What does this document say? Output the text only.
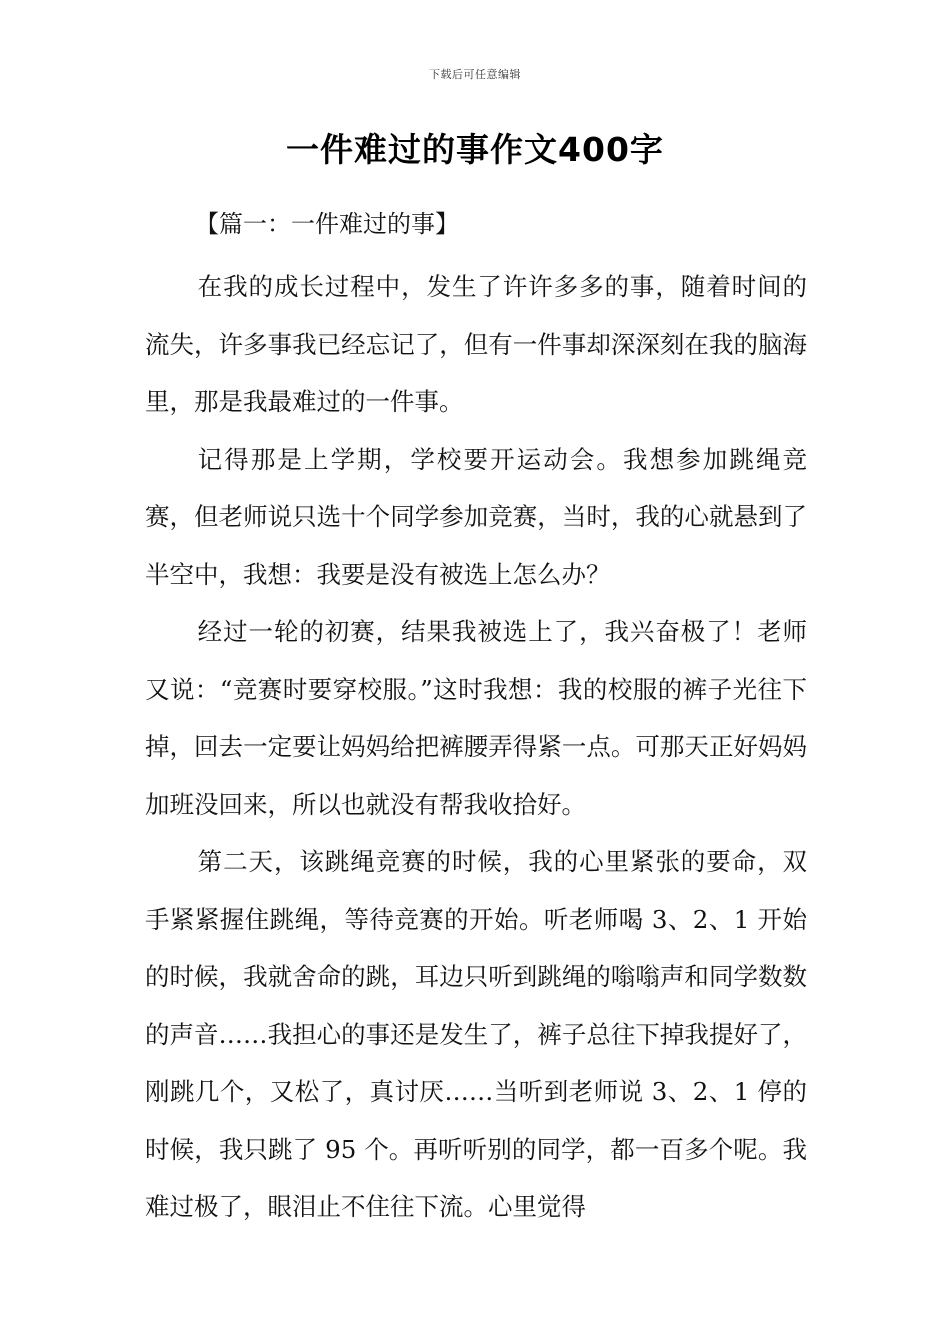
下载后可任意编辑
一件难过的事作文400字
【篇一：一件难过的事】

在我的成长过程中，发生了许许多多的事，随着时间的流失，许多事我已经忘记了，但有一件事却深深刻在我的脑海里，那是我最难过的一件事。

记得那是上学期，学校要开运动会。我想参加跳绳竞赛，但老师说只选十个同学参加竞赛，当时，我的心就悬到了半空中，我想：我要是没有被选上怎么办？

经过一轮的初赛，结果我被选上了，我兴奋极了！老师又说：“竞赛时要穿校服。”这时我想：我的校服的裤子光往下掉，回去一定要让妈妈给把裤腰弄得紧一点。可那天正好妈妈加班没回来，所以也就没有帮我收拾好。

第二天，该跳绳竞赛的时候，我的心里紧张的要命，双手紧紧握住跳绳，等待竞赛的开始。听老师喝 3、2、1 开始的时候，我就舍命的跳，耳边只听到跳绳的嗡嗡声和同学数数的声音……我担心的事还是发生了，裤子总往下掉我提好了，刚跳几个，又松了，真讨厌……当听到老师说 3、2、1 停的时候，我只跳了 95 个。再听听别的同学，都一百多个呢。我难过极了，眼泪止不住往下流。心里觉得
